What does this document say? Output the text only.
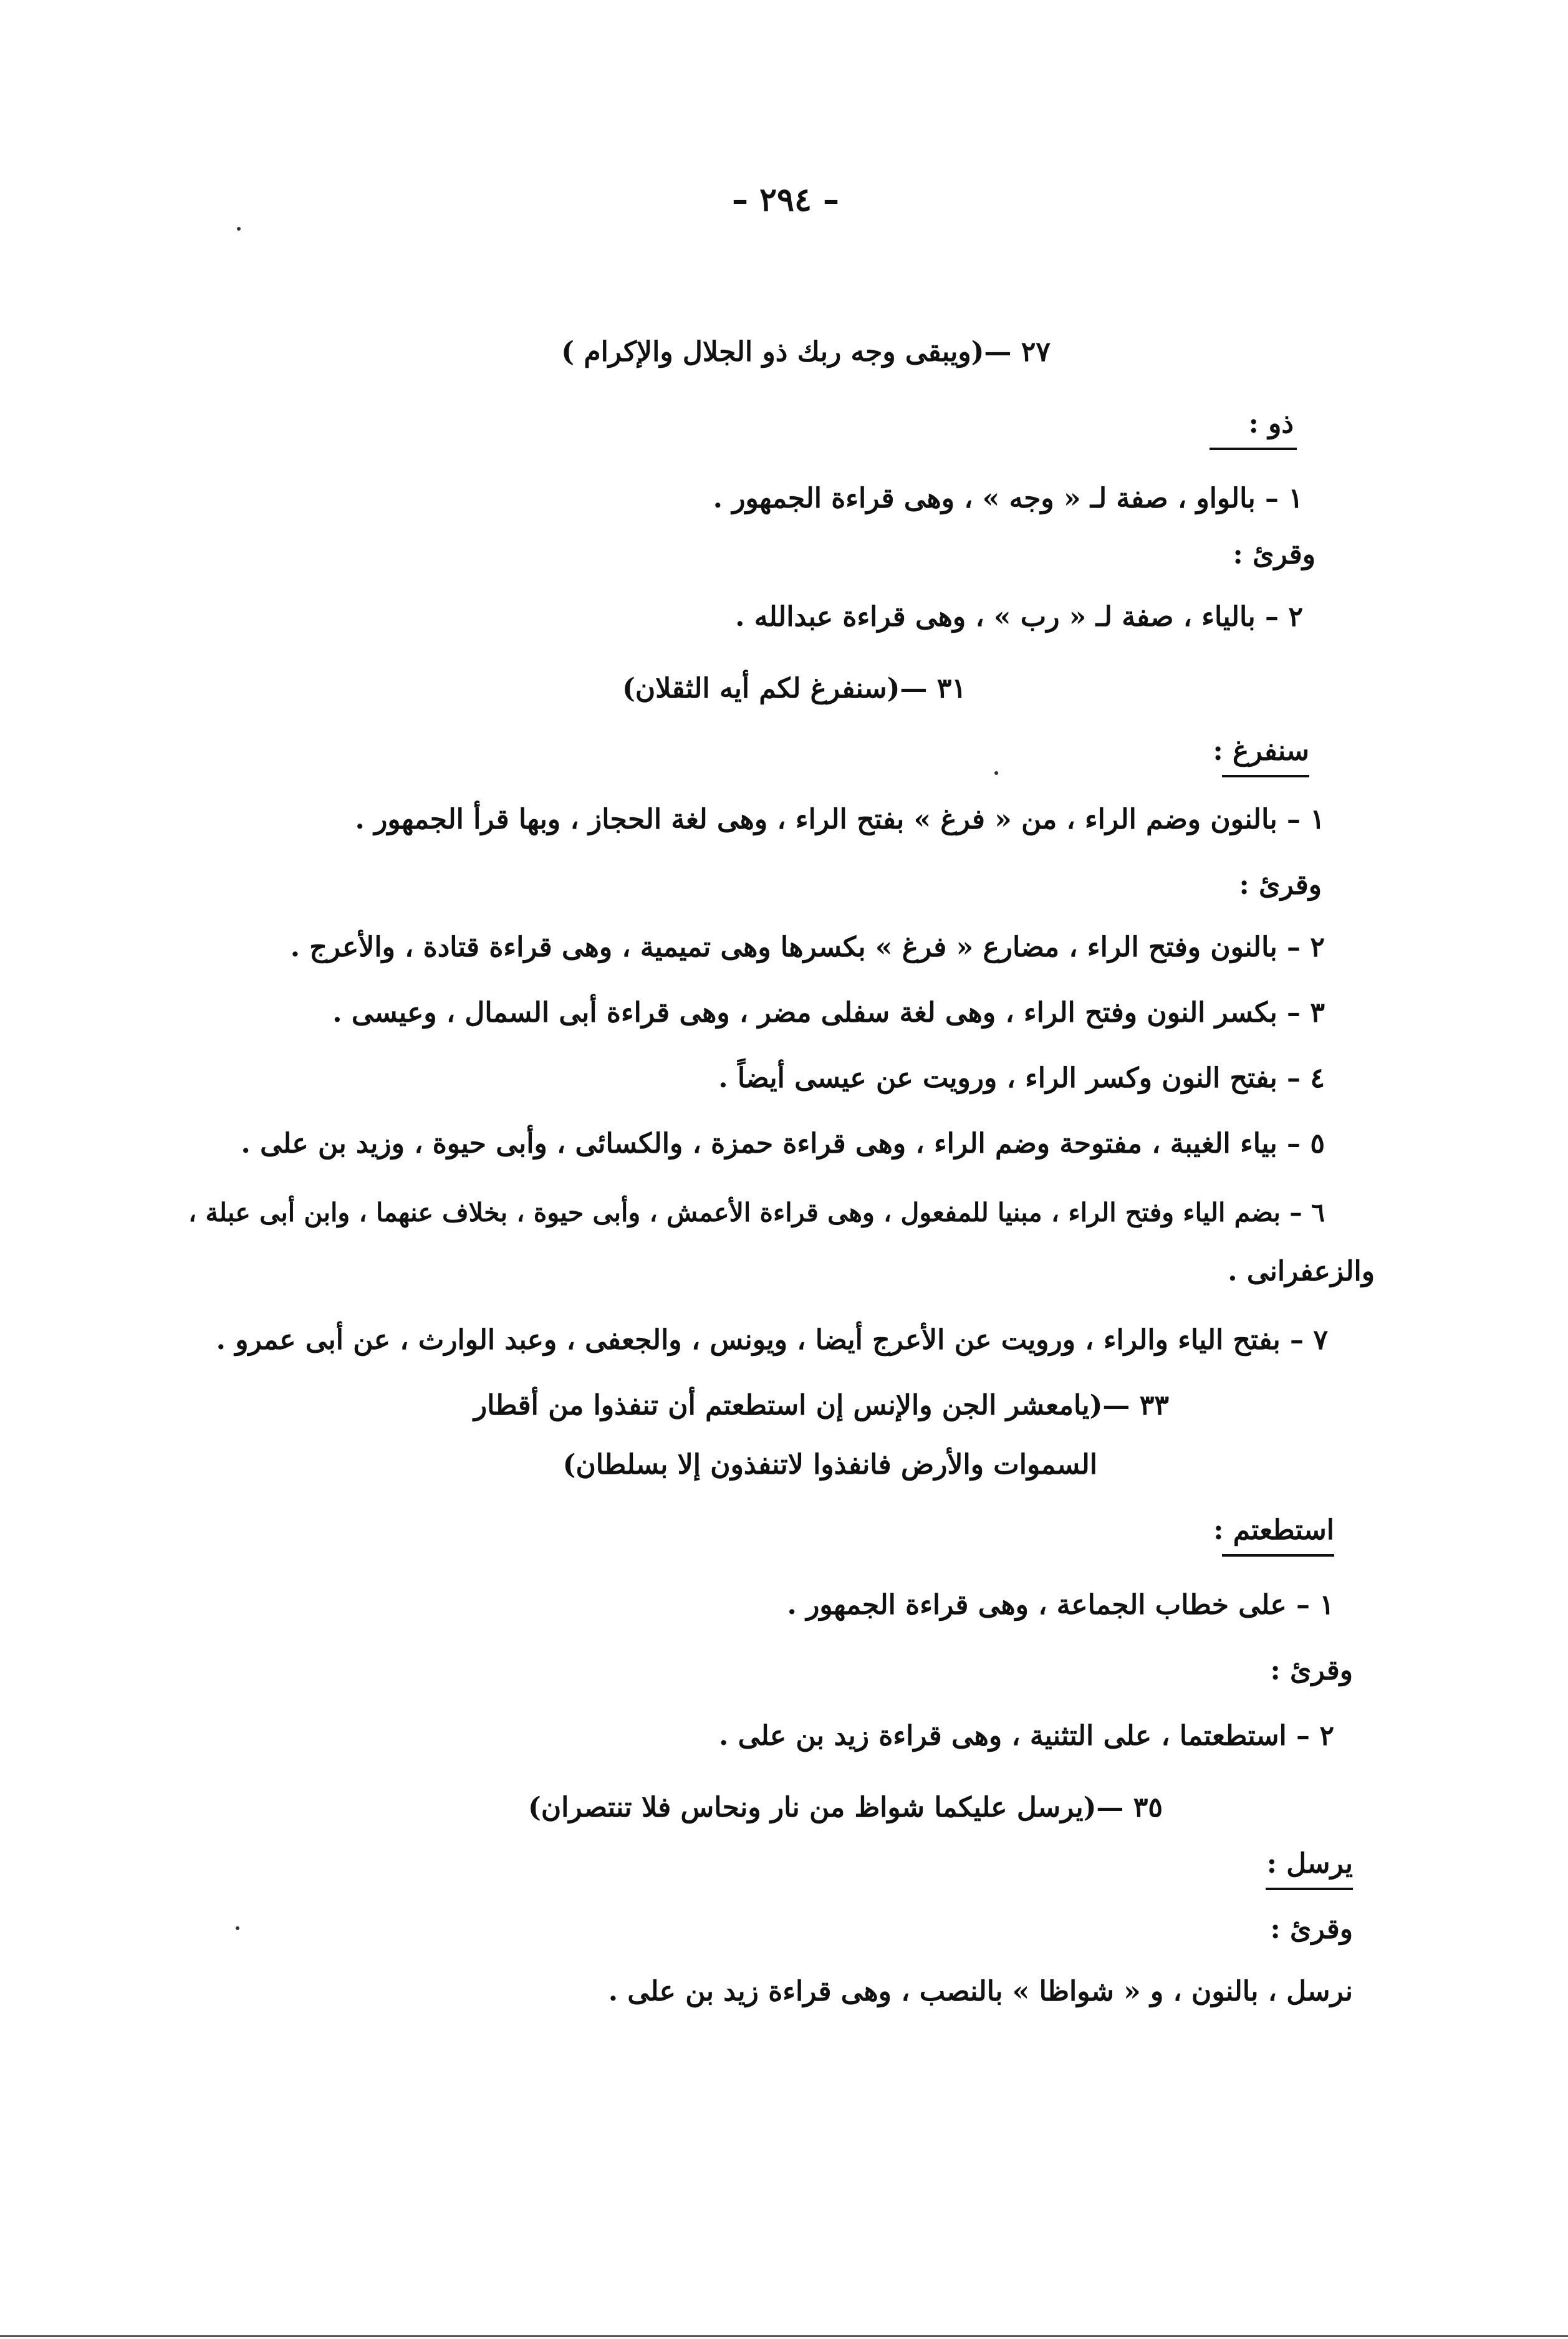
– ٢٩٤ –
٢٧ —(ويبقى وجه ربك ذو الجلال والإكرام )
ذو :
١ – بالواو ، صفة لـ « وجه » ، وهى قراءة الجمهور .
وقرئ :
٢ – بالياء ، صفة لـ « رب » ، وهى قراءة عبدالله .
٣١ —(سنفرغ لكم أيه الثقلان)
سنفرغ :
١ – بالنون وضم الراء ، من « فرغ » بفتح الراء ، وهى لغة الحجاز ، وبها قرأ الجمهور .
وقرئ :
٢ – بالنون وفتح الراء ، مضارع « فرغ » بكسرها وهى تميمية ، وهى قراءة قتادة ، والأعرج .
٣ – بكسر النون وفتح الراء ، وهى لغة سفلى مضر ، وهى قراءة أبى السمال ، وعيسى .
٤ – بفتح النون وكسر الراء ، ورويت عن عيسى أيضاً .
٥ – بياء الغيبة ، مفتوحة وضم الراء ، وهى قراءة حمزة ، والكسائى ، وأبى حيوة ، وزيد بن على .
٦ – بضم الياء وفتح الراء ، مبنيا للمفعول ، وهى قراءة الأعمش ، وأبى حيوة ، بخلاف عنهما ، وابن أبى عبلة ،
والزعفرانى .
٧ – بفتح الياء والراء ، ورويت عن الأعرج أيضا ، ويونس ، والجعفى ، وعبد الوارث ، عن أبى عمرو .
٣٣ —(يامعشر الجن والإنس إن استطعتم أن تنفذوا من أقطار
السموات والأرض فانفذوا لاتنفذون إلا بسلطان)
استطعتم :
١ – على خطاب الجماعة ، وهى قراءة الجمهور .
وقرئ :
٢ – استطعتما ، على التثنية ، وهى قراءة زيد بن على .
٣٥ —(يرسل عليكما شواظ من نار ونحاس فلا تنتصران)
يرسل :
وقرئ :
نرسل ، بالنون ، و « شواظا » بالنصب ، وهى قراءة زيد بن على .
